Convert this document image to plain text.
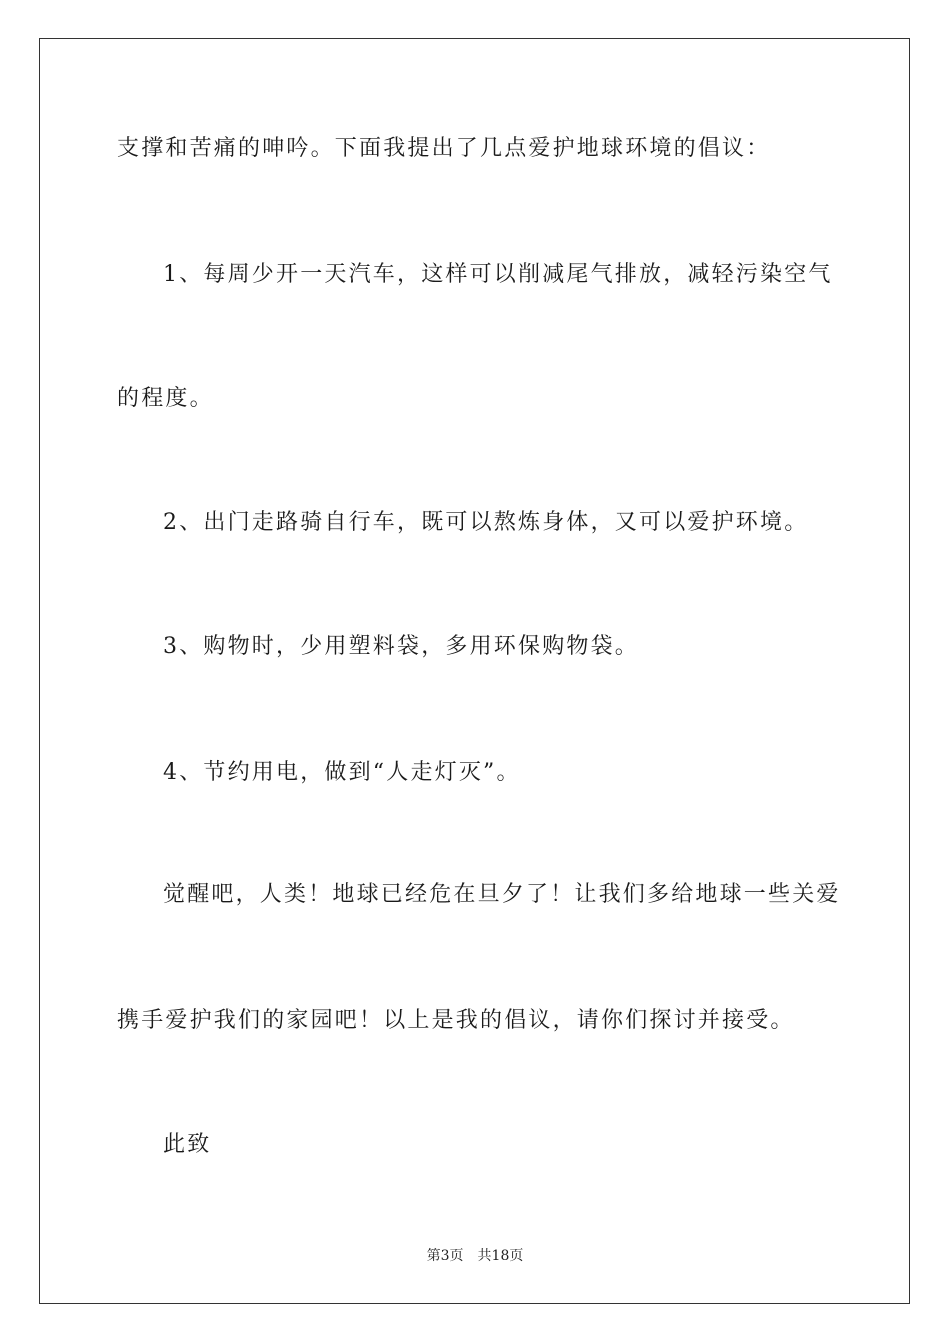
支撑和苦痛的呻吟。下面我提出了几点爱护地球环境的倡议：
1、每周少开一天汽车，这样可以削减尾气排放，减轻污染空气
的程度。
2、出门走路骑自行车，既可以熬炼身体，又可以爱护环境。
3、购物时，少用塑料袋，多用环保购物袋。
4、节约用电，做到“人走灯灭”。
觉醒吧，人类！地球已经危在旦夕了！让我们多给地球一些关爱
携手爱护我们的家园吧！以上是我的倡议，请你们探讨并接受。
此致
第3页 共18页
